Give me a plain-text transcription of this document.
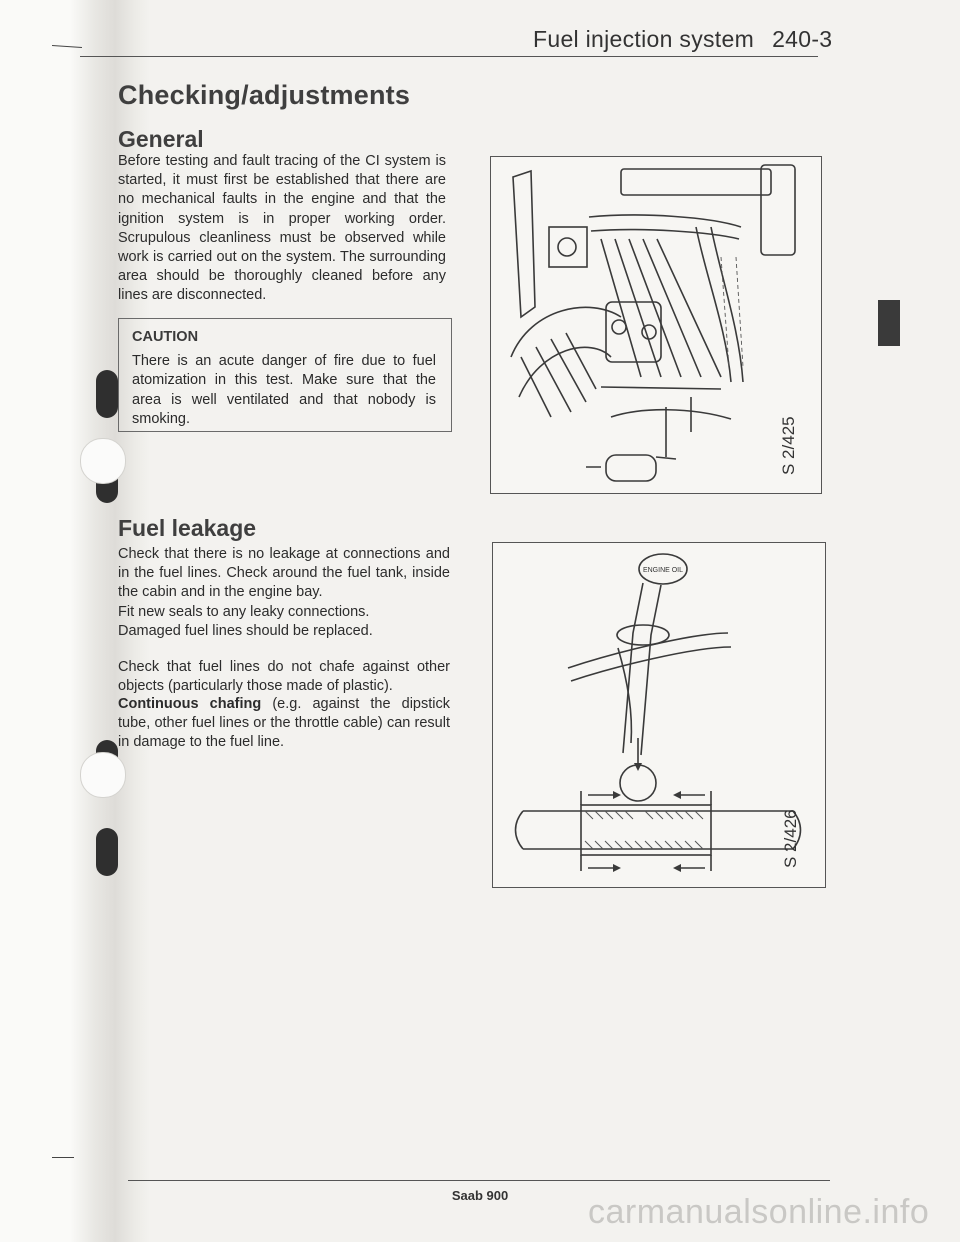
Fuel injection system 240-3
Checking/adjustments
General

Before testing and fault tracing of the CI system is started, it must first be established that there are no mechanical faults in the engine and that the ignition system is in proper working order. Scrupulous cleanliness must be observed while work is carried out on the system. The surrounding area should be thoroughly cleaned before any lines are disconnected.

CAUTION

There is an acute danger of fire due to fuel atomization in this test. Make sure that the area is well ventilated and that nobody is smoking.

Fuel leakage

Check that there is no leakage at connections and in the fuel lines. Check around the fuel tank, inside the cabin and in the engine bay.

Fit new seals to any leaky connections.

Damaged fuel lines should be replaced.

Check that fuel lines do not chafe against other objects (particularly those made of plastic).

Continuous chafing (e.g. against the dipstick tube, other fuel lines or the throttle cable) can result in damage to the fuel line.

S 2/425
ENGINE OIL
S 2/426
Saab 900	carmanualsonline.info
